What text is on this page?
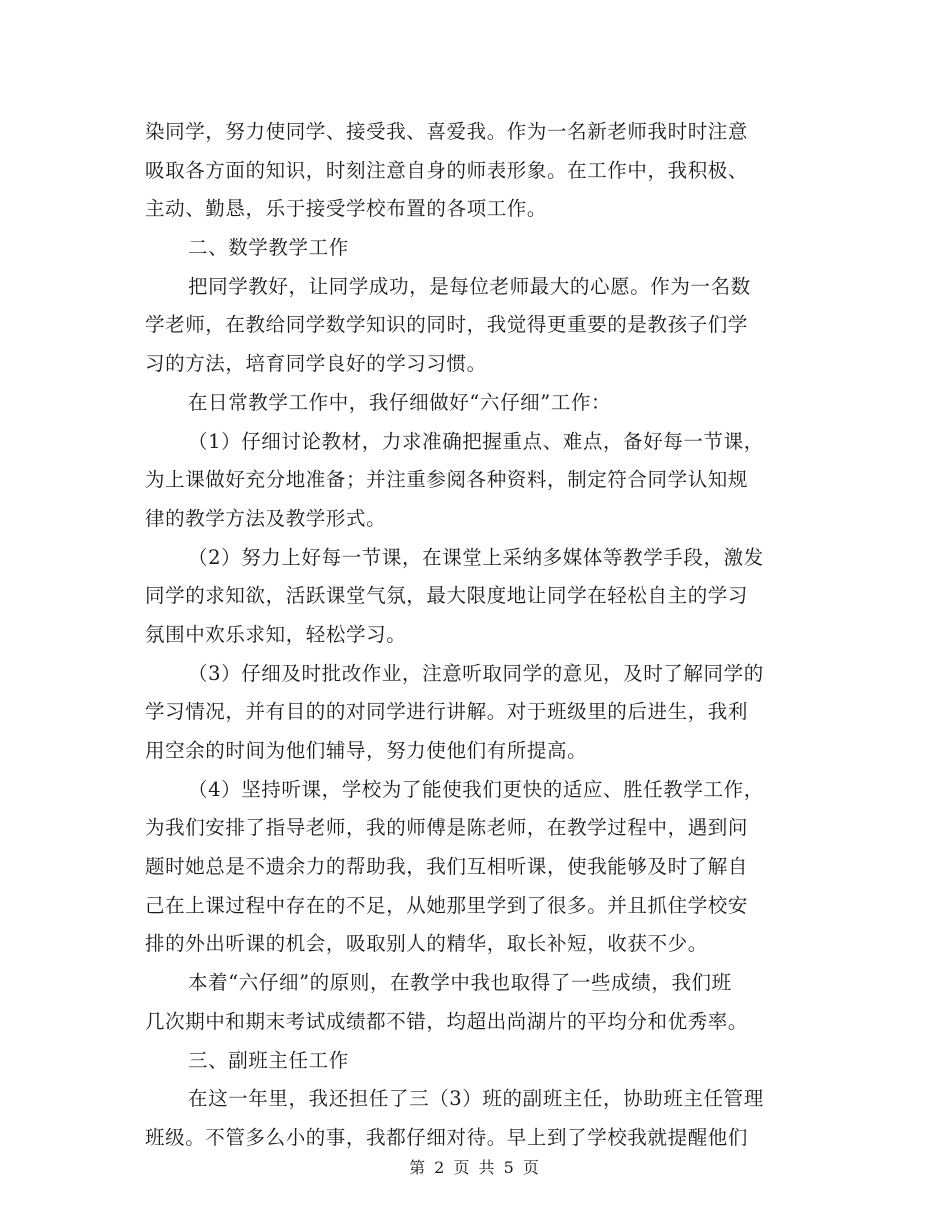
染同学，努力使同学、接受我、喜爱我。作为一名新老师我时时注意
吸取各方面的知识，时刻注意自身的师表形象。在工作中，我积极、
主动、勤恳，乐于接受学校布置的各项工作。
二、数学教学工作
把同学教好，让同学成功，是每位老师最大的心愿。作为一名数
学老师，在教给同学数学知识的同时，我觉得更重要的是教孩子们学
习的方法，培育同学良好的学习习惯。
在日常教学工作中，我仔细做好“六仔细”工作：
（1）仔细讨论教材，力求准确把握重点、难点，备好每一节课，
为上课做好充分地准备；并注重参阅各种资料，制定符合同学认知规
律的教学方法及教学形式。
（2）努力上好每一节课，在课堂上采纳多媒体等教学手段，激发
同学的求知欲，活跃课堂气氛，最大限度地让同学在轻松自主的学习
氛围中欢乐求知，轻松学习。
（3）仔细及时批改作业，注意听取同学的意见，及时了解同学的
学习情况，并有目的的对同学进行讲解。对于班级里的后进生，我利
用空余的时间为他们辅导，努力使他们有所提高。
（4）坚持听课，学校为了能使我们更快的适应、胜任教学工作，
为我们安排了指导老师，我的师傅是陈老师，在教学过程中，遇到问
题时她总是不遗余力的帮助我，我们互相听课，使我能够及时了解自
己在上课过程中存在的不足，从她那里学到了很多。并且抓住学校安
排的外出听课的机会，吸取别人的精华，取长补短，收获不少。
本着“六仔细”的原则，在教学中我也取得了一些成绩，我们班
几次期中和期末考试成绩都不错，均超出尚湖片的平均分和优秀率。
三、副班主任工作
在这一年里，我还担任了三（3）班的副班主任，协助班主任管理
班级。不管多么小的事，我都仔细对待。早上到了学校我就提醒他们
第 2 页 共 5 页
